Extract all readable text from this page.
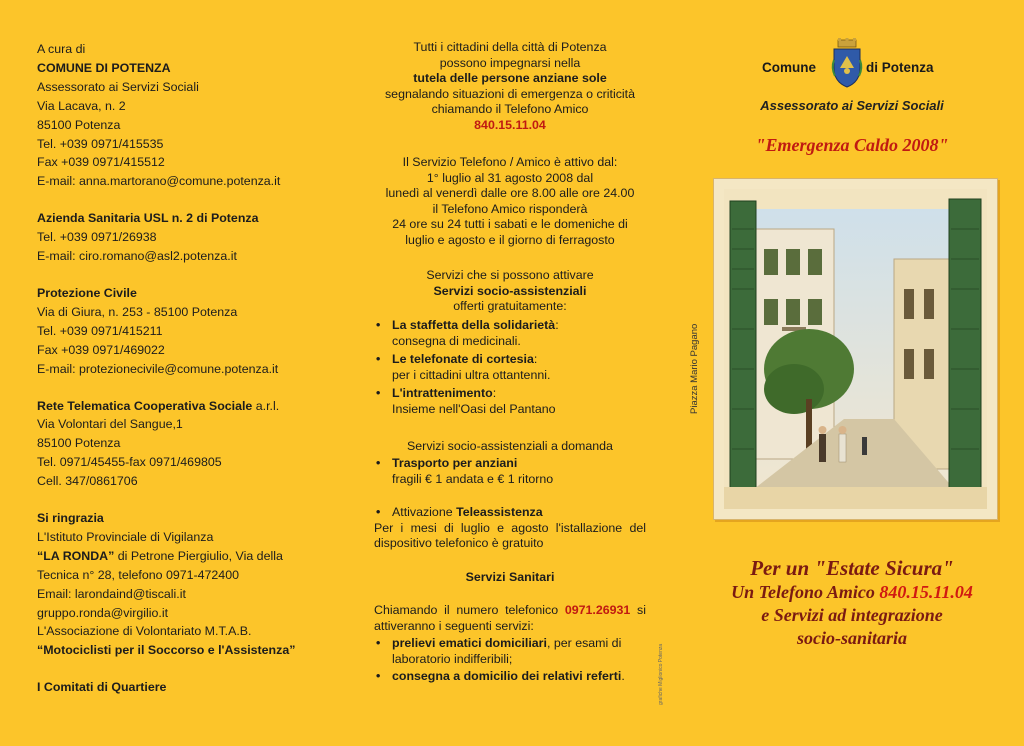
A cura di

COMUNE DI POTENZA

Assessorato ai Servizi Sociali

Via Lacava, n. 2

85100 Potenza

Tel. +039 0971/415535

Fax +039 0971/415512

E-mail: anna.martorano@comune.potenza.it

Azienda Sanitaria USL n. 2 di Potenza

Tel. +039 0971/26938

E-mail: ciro.romano@asl2.potenza.it

Protezione Civile

Via di Giura, n. 253 - 85100 Potenza

Tel. +039 0971/415211

Fax +039 0971/469022

E-mail: protezionecivile@comune.potenza.it

Rete Telematica Cooperativa Sociale a.r.l.

Via Volontari del Sangue,1

85100 Potenza

Tel. 0971/45455-fax 0971/469805

Cell. 347/0861706

Si ringrazia

L'Istituto Provinciale di Vigilanza

“LA RONDA” di Petrone Piergiulio, Via della

Tecnica n° 28, telefono 0971-472400

Email: larondaind@tiscali.it

gruppo.ronda@virgilio.it

L'Associazione di Volontariato M.T.A.B.

“Motociclisti per il Soccorso e l'Assistenza”

I Comitati di Quartiere

Tutti i cittadini della città di Potenza

possono impegnarsi nella

tutela delle persone anziane sole

segnalando situazioni di emergenza o criticità

chiamando il Telefono Amico

840.15.11.04

Il Servizio Telefono / Amico è attivo dal:

1° luglio al 31 agosto 2008 dal

lunedì al venerdì dalle ore 8.00 alle ore 24.00

il Telefono Amico risponderà

24 ore su 24 tutti i sabati e le domeniche di

luglio e agosto e il giorno di ferragosto

Servizi che si possono attivare

Servizi socio-assistenziali

offerti gratuitamente:

• La staffetta della solidarietà:
consegna di medicinali.
• Le telefonate di cortesia:
per i cittadini ultra ottantenni.
• L'intrattenimento:
Insieme nell'Oasi del Pantano

Servizi socio-assistenziali a domanda

• Trasporto per anziani
fragili € 1 andata e € 1 ritorno
• Attivazione Teleassistenza

Per i mesi di luglio e agosto l'istallazione del dispositivo telefonico è gratuito

Servizi Sanitari

Chiamando il numero telefonico 0971.26931 si attiveranno i seguenti servizi:

• prelievi ematici domiciliari, per esami di laboratorio indifferibili;
• consegna a domicilio dei relativi referti.
Comune	di Potenza
Assessorato ai Servizi Sociali
"Emergenza Caldo 2008"
Piazza Mario Pagano
grafiche Miglionico Potenza
Per un "Estate Sicura"
Un Telefono Amico 840.15.11.04
e Servizi ad integrazione
socio-sanitaria
